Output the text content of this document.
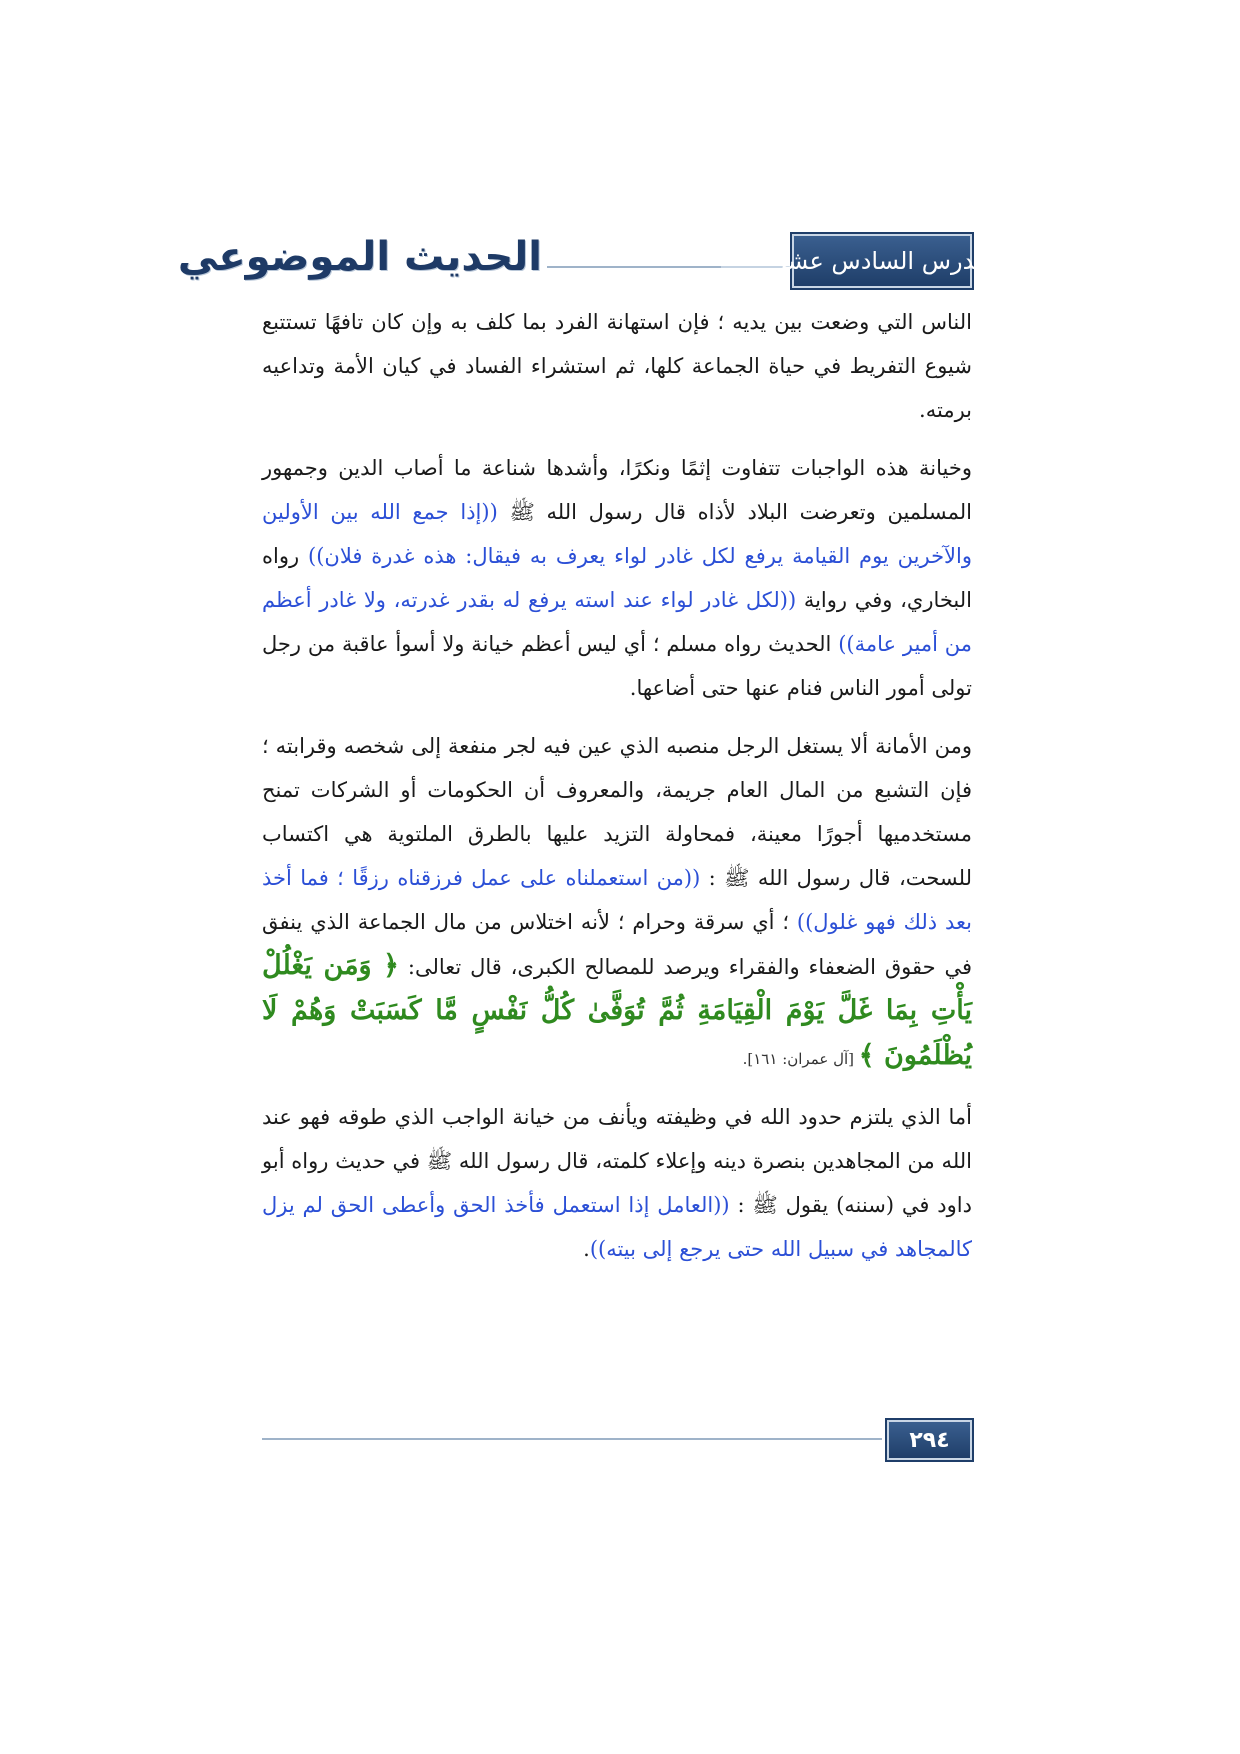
الحديث الموضوعي	الدرس السادس عشر

الناس التي وضعت بين يديه ؛ فإن استهانة الفرد بما كلف به وإن كان تافهًا تستتبع شيوع التفريط في حياة الجماعة كلها، ثم استشراء الفساد في كيان الأمة وتداعيه برمته.

وخيانة هذه الواجبات تتفاوت إثمًا ونكرًا، وأشدها شناعة ما أصاب الدين وجمهور المسلمين وتعرضت البلاد لأذاه قال رسول الله ﷺ ((إذا جمع الله بين الأولين والآخرين يوم القيامة يرفع لكل غادر لواء يعرف به فيقال: هذه غدرة فلان)) رواه البخاري، وفي رواية ((لكل غادر لواء عند استه يرفع له بقدر غدرته، ولا غادر أعظم من أمير عامة)) الحديث رواه مسلم ؛ أي ليس أعظم خيانة ولا أسوأ عاقبة من رجل تولى أمور الناس فنام عنها حتى أضاعها.

ومن الأمانة ألا يستغل الرجل منصبه الذي عين فيه لجر منفعة إلى شخصه وقرابته ؛ فإن التشبع من المال العام جريمة، والمعروف أن الحكومات أو الشركات تمنح مستخدميها أجورًا معينة، فمحاولة التزيد عليها بالطرق الملتوية هي اكتساب للسحت، قال رسول الله ﷺ : ((من استعملناه على عمل فرزقناه رزقًا ؛ فما أخذ بعد ذلك فهو غلول)) ؛ أي سرقة وحرام ؛ لأنه اختلاس من مال الجماعة الذي ينفق في حقوق الضعفاء والفقراء ويرصد للمصالح الكبرى، قال تعالى: ﴿ وَمَن يَغْلُلْ يَأْتِ بِمَا غَلَّ يَوْمَ الْقِيَامَةِ ثُمَّ تُوَفَّىٰ كُلُّ نَفْسٍ مَّا كَسَبَتْ وَهُمْ لَا يُظْلَمُونَ ﴾ [آل عمران: ١٦١].

أما الذي يلتزم حدود الله في وظيفته ويأنف من خيانة الواجب الذي طوقه فهو عند الله من المجاهدين بنصرة دينه وإعلاء كلمته، قال رسول الله ﷺ في حديث رواه أبو داود في (سننه) يقول ﷺ : ((العامل إذا استعمل فأخذ الحق وأعطى الحق لم يزل كالمجاهد في سبيل الله حتى يرجع إلى بيته)).

٢٩٤
